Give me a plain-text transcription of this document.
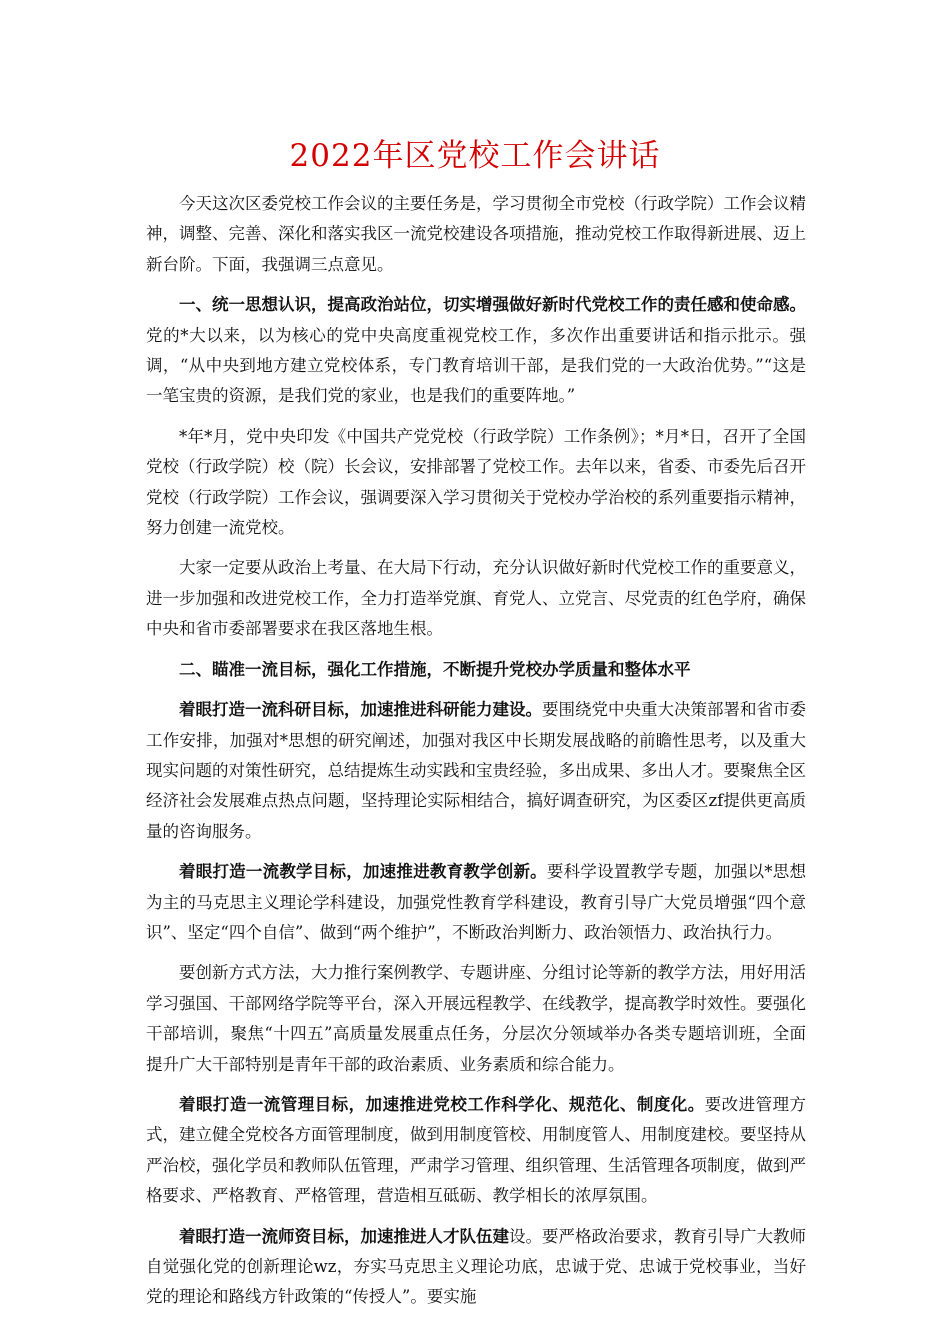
2022年区党校工作会讲话

今天这次区委党校工作会议的主要任务是，学习贯彻全市党校（行政学院）工作会议精神，调整、完善、深化和落实我区一流党校建设各项措施，推动党校工作取得新进展、迈上新台阶。下面，我强调三点意见。

一、统一思想认识，提高政治站位，切实增强做好新时代党校工作的责任感和使命感。党的*大以来，以为核心的党中央高度重视党校工作，多次作出重要讲话和指示批示。强调，“从中央到地方建立党校体系，专门教育培训干部，是我们党的一大政治优势。”“这是一笔宝贵的资源，是我们党的家业，也是我们的重要阵地。”

*年*月，党中央印发《中国共产党党校（行政学院）工作条例》；*月*日，召开了全国党校（行政学院）校（院）长会议，安排部署了党校工作。去年以来，省委、市委先后召开党校（行政学院）工作会议，强调要深入学习贯彻关于党校办学治校的系列重要指示精神，努力创建一流党校。

大家一定要从政治上考量、在大局下行动，充分认识做好新时代党校工作的重要意义，进一步加强和改进党校工作，全力打造举党旗、育党人、立党言、尽党责的红色学府，确保中央和省市委部署要求在我区落地生根。

二、瞄准一流目标，强化工作措施，不断提升党校办学质量和整体水平

着眼打造一流科研目标，加速推进科研能力建设。要围绕党中央重大决策部署和省市委工作安排，加强对*思想的研究阐述，加强对我区中长期发展战略的前瞻性思考，以及重大现实问题的对策性研究，总结提炼生动实践和宝贵经验，多出成果、多出人才。要聚焦全区经济社会发展难点热点问题，坚持理论实际相结合，搞好调查研究，为区委区zf提供更高质量的咨询服务。

着眼打造一流教学目标，加速推进教育教学创新。要科学设置教学专题，加强以*思想为主的马克思主义理论学科建设，加强党性教育学科建设，教育引导广大党员增强“四个意识”、坚定“四个自信”、做到“两个维护”，不断政治判断力、政治领悟力、政治执行力。

要创新方式方法，大力推行案例教学、专题讲座、分组讨论等新的教学方法，用好用活学习强国、干部网络学院等平台，深入开展远程教学、在线教学，提高教学时效性。要强化干部培训，聚焦“十四五”高质量发展重点任务，分层次分领域举办各类专题培训班，全面提升广大干部特别是青年干部的政治素质、业务素质和综合能力。

着眼打造一流管理目标，加速推进党校工作科学化、规范化、制度化。要改进管理方式，建立健全党校各方面管理制度，做到用制度管校、用制度管人、用制度建校。要坚持从严治校，强化学员和教师队伍管理，严肃学习管理、组织管理、生活管理各项制度，做到严格要求、严格教育、严格管理，营造相互砥砺、教学相长的浓厚氛围。

着眼打造一流师资目标，加速推进人才队伍建设。要严格政治要求，教育引导广大教师自觉强化党的创新理论wz，夯实马克思主义理论功底，忠诚于党、忠诚于党校事业，当好党的理论和路线方针政策的“传授人”。要实施
